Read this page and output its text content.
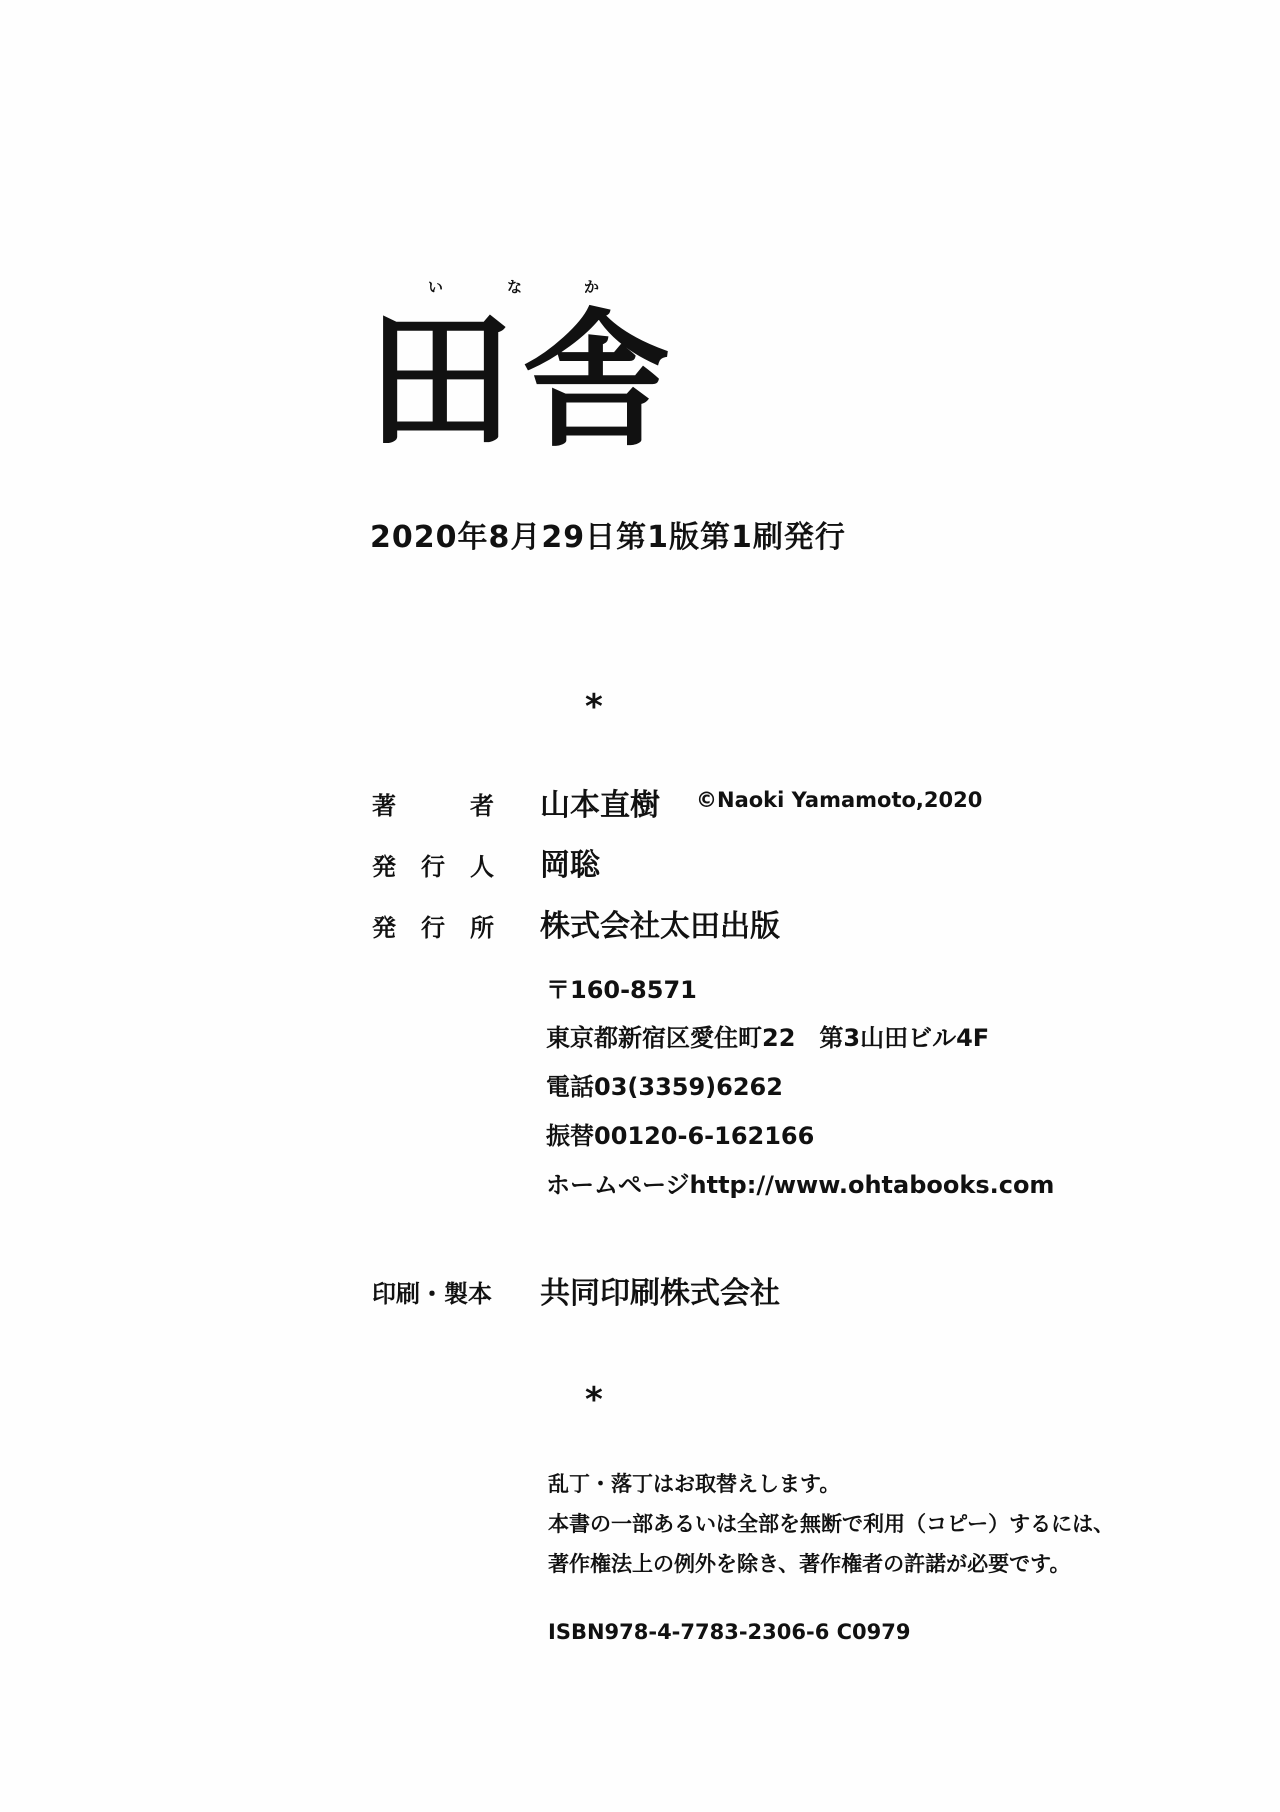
い	な	か
田舎
2020年8月29日第1版第1刷発行
*
著	者 山本直樹 ©Naoki Yamamoto,2020
発 行 人 岡聡
発 行 所 株式会社太田出版
〒160-8571
東京都新宿区愛住町22　第3山田ビル4F
電話03(3359)6262
振替00120-6-162166
ホームページhttp://www.ohtabooks.com
印刷・製本 共同印刷株式会社
*
乱丁・落丁はお取替えします。
本書の一部あるいは全部を無断で利用（コピー）するには、
著作権法上の例外を除き、著作権者の許諾が必要です。
ISBN978-4-7783-2306-6 C0979
